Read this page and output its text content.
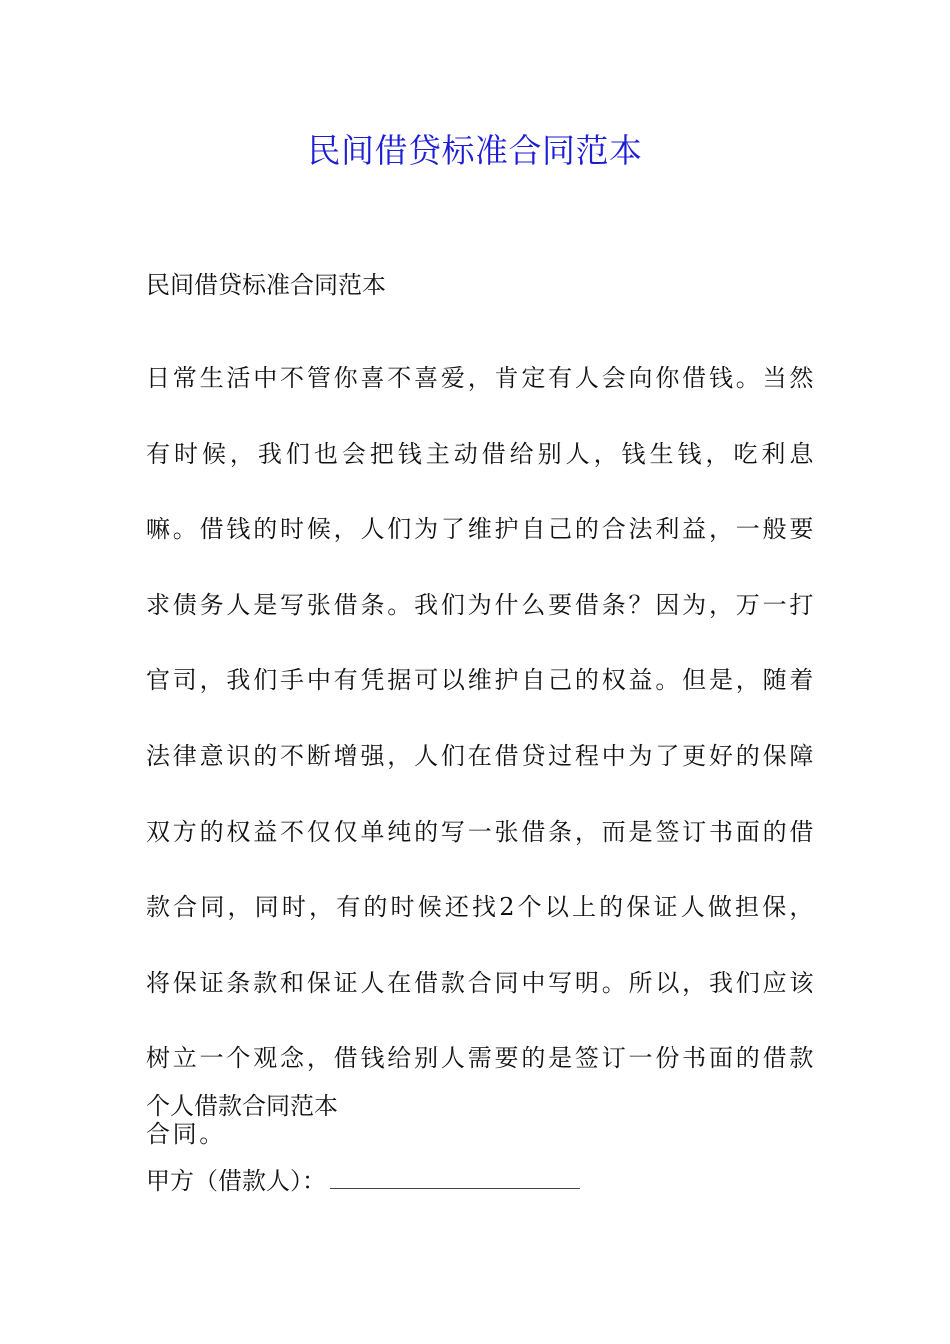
民间借贷标准合同范本

民间借贷标准合同范本

日常生活中不管你喜不喜爱，肯定有人会向你借钱。当然有时候，我们也会把钱主动借给别人，钱生钱，吃利息嘛。借钱的时候，人们为了维护自己的合法利益，一般要求债务人是写张借条。我们为什么要借条？因为，万一打官司，我们手中有凭据可以维护自己的权益。但是，随着法律意识的不断增强，人们在借贷过程中为了更好的保障双方的权益不仅仅单纯的写一张借条，而是签订书面的借款合同，同时，有的时候还找2个以上的保证人做担保，将保证条款和保证人在借款合同中写明。所以，我们应该树立一个观念，借钱给别人需要的是签订一份书面的借款合同。

个人借款合同范本

甲方（借款人）：
